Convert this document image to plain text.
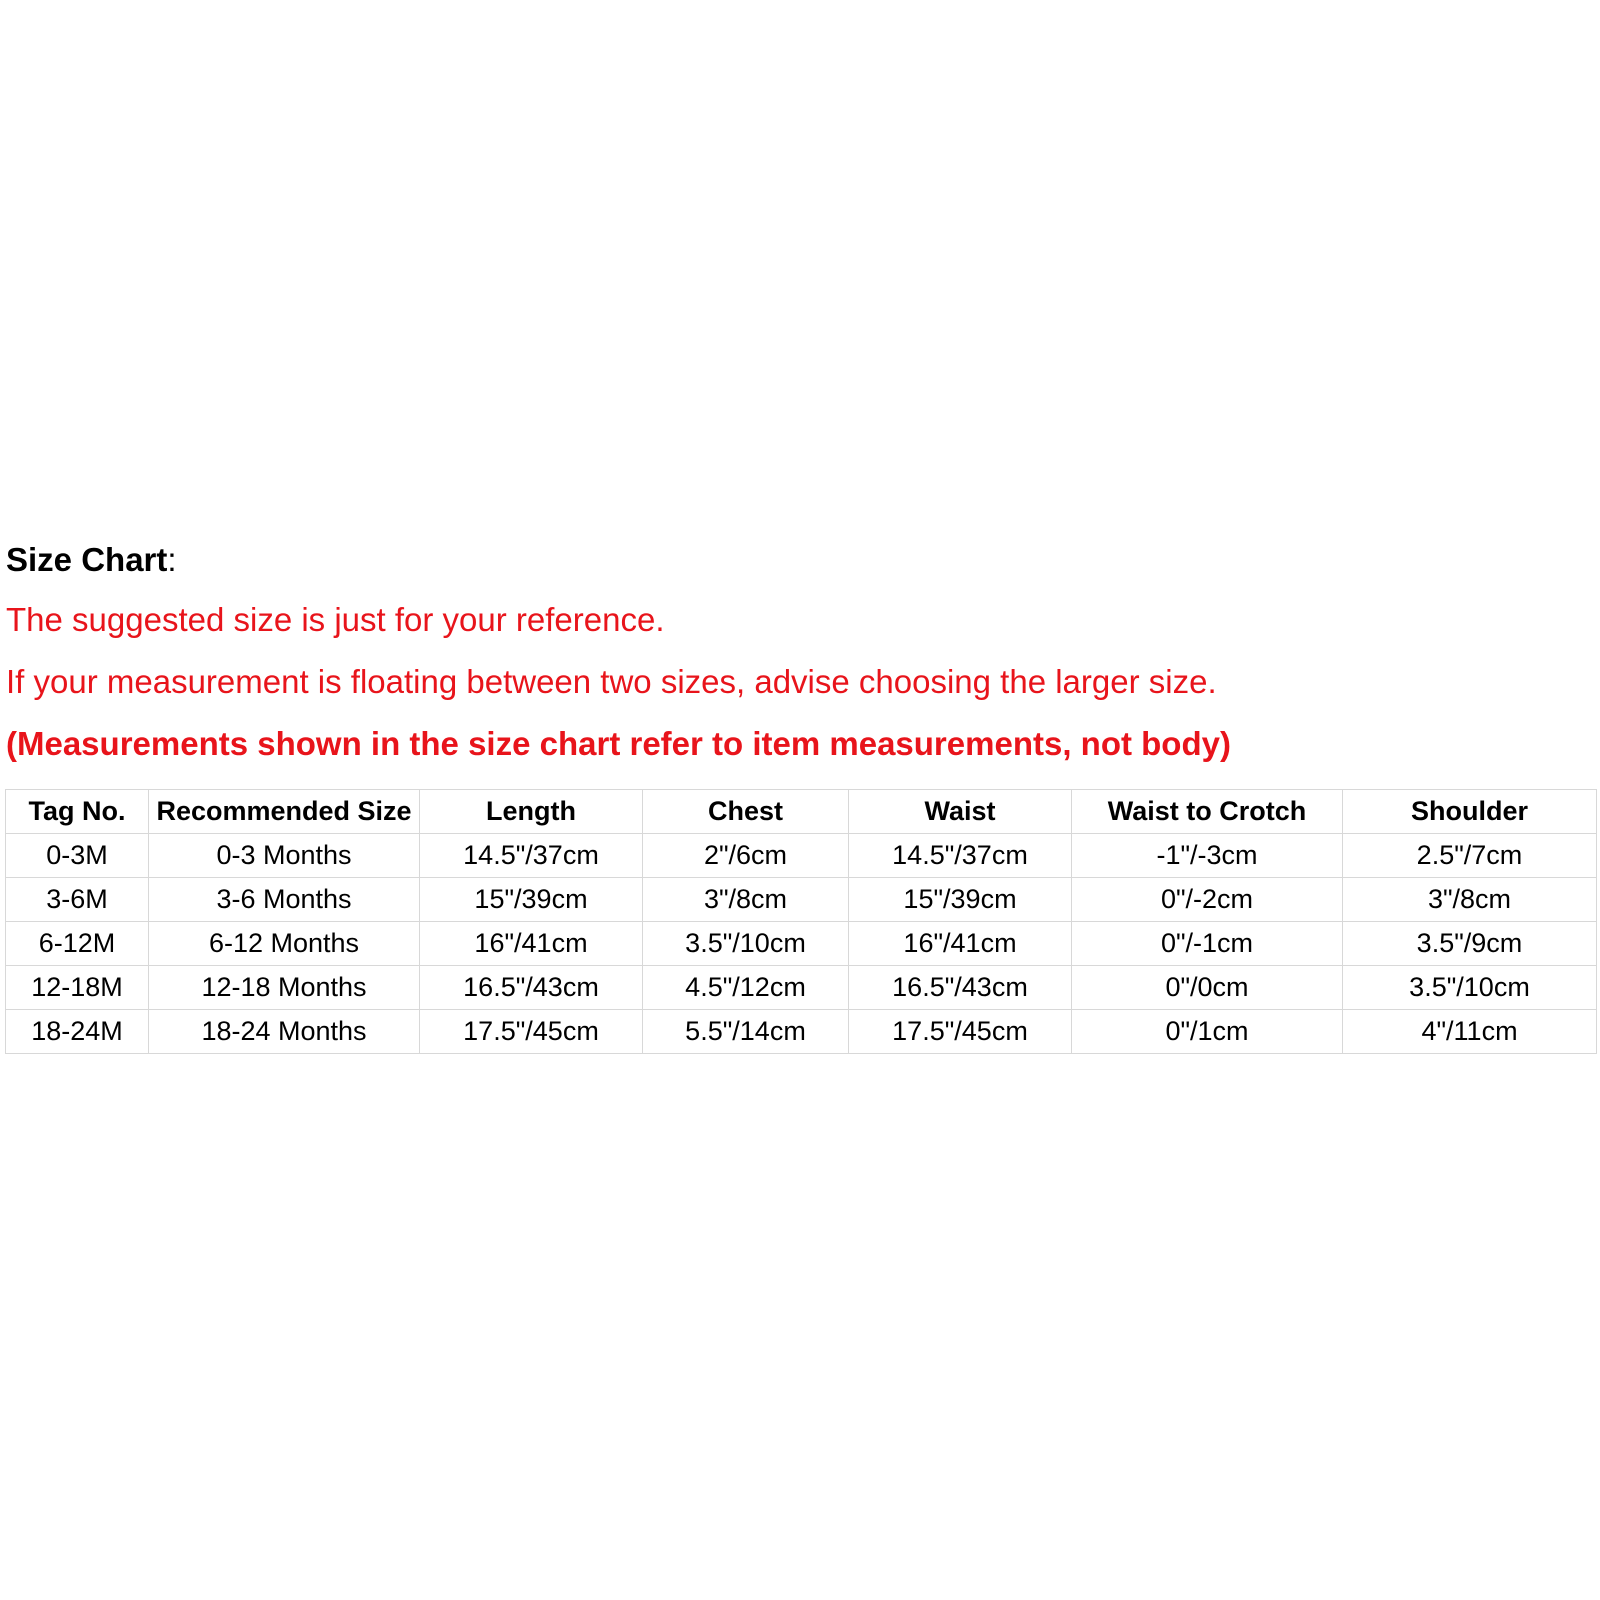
Size Chart:
The suggested size is just for your reference.
If your measurement is floating between two sizes, advise choosing the larger size.
(Measurements shown in the size chart refer to item measurements, not body)
Tag No.	Recommended Size	Length	Chest	Waist	Waist to Crotch	Shoulder
0-3M	0-3 Months	14.5"/37cm	2"/6cm	14.5"/37cm	-1"/-3cm	2.5"/7cm
3-6M	3-6 Months	15"/39cm	3"/8cm	15"/39cm	0"/-2cm	3"/8cm
6-12M	6-12 Months	16"/41cm	3.5"/10cm	16"/41cm	0"/-1cm	3.5"/9cm
12-18M	12-18 Months	16.5"/43cm	4.5"/12cm	16.5"/43cm	0"/0cm	3.5"/10cm
18-24M	18-24 Months	17.5"/45cm	5.5"/14cm	17.5"/45cm	0"/1cm	4"/11cm
